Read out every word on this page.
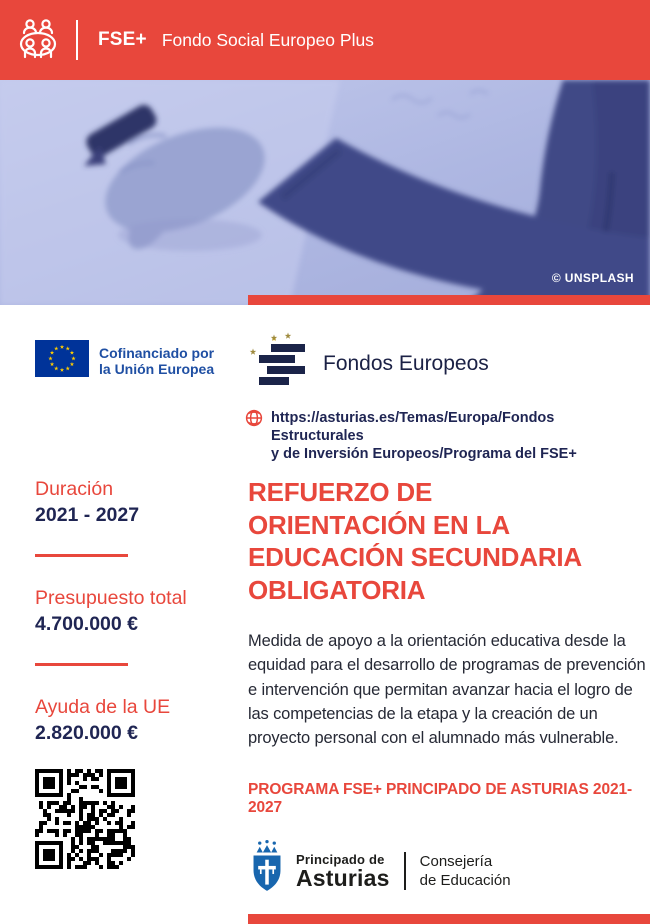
FSE+ Fondo Social Europeo Plus
© UNSPLASH
Cofinanciado por
la Unión Europea	Fondos Europeos
https://asturias.es/Temas/Europa/Fondos Estructurales
y de Inversión Europeos/Programa del FSE+
Duración
2021 - 2027
Presupuesto total
4.700.000 €
Ayuda de la UE
2.820.000 €
REFUERZO DE ORIENTACIÓN EN LA EDUCACIÓN SECUNDARIA OBLIGATORIA
Medida de apoyo a la orientación educativa desde la equidad para el desarrollo de programas de prevención e intervención que permitan avanzar hacia el logro de las competencias de la etapa y la creación de un proyecto personal con el alumnado más vulnerable.
PROGRAMA FSE+ PRINCIPADO DE ASTURIAS 2021-2027
Principado de
Asturias
Consejería
de Educación
